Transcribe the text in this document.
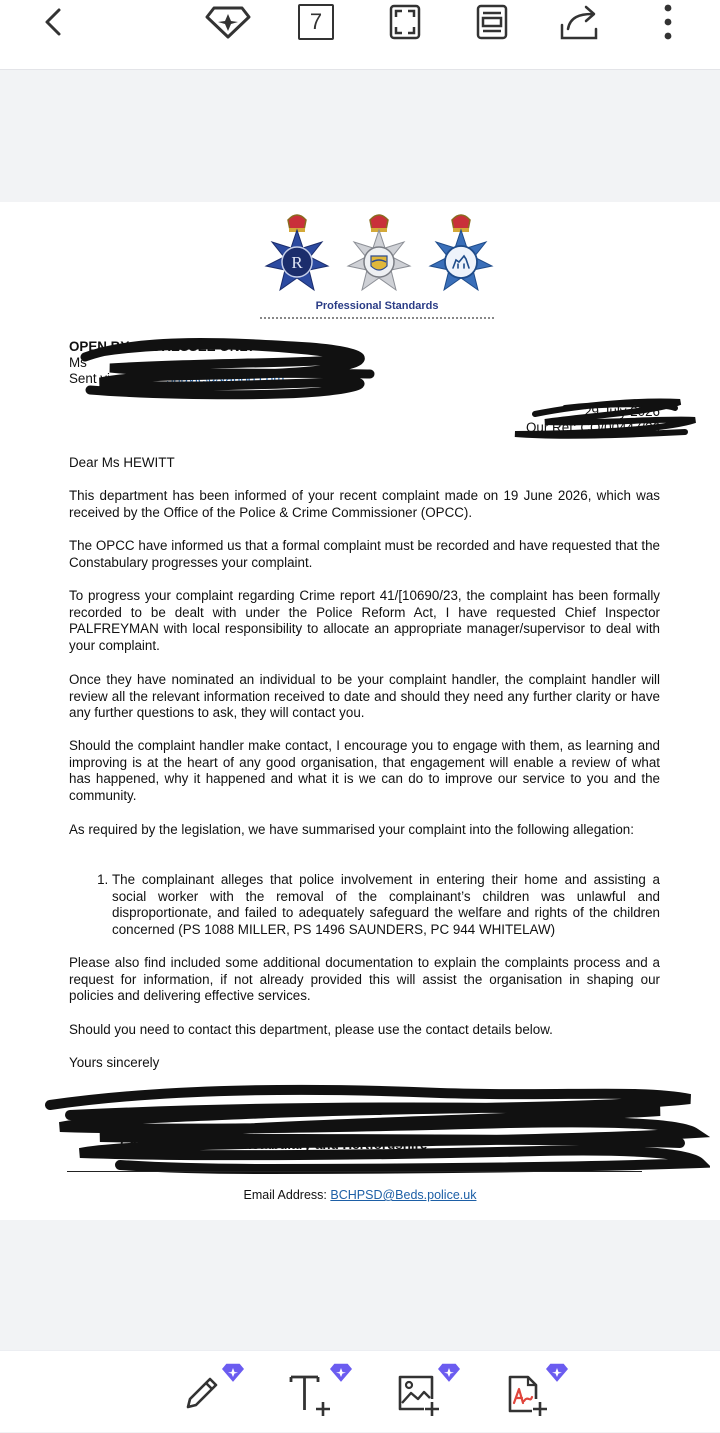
7
R
Professional Standards
OPEN BY ADDRESSEE ONLY
Ms
Sent via email: shayle@yahoo.com
29 July 2026
Our Ref: CO/00447/26
Dear Ms HEWITT
This department has been informed of your recent complaint made on 19 June 2026, which was received by the Office of the Police & Crime Commissioner (OPCC).
The OPCC have informed us that a formal complaint must be recorded and have requested that the Constabulary progresses your complaint.
To progress your complaint regarding Crime report 41/[10690/23, the complaint has been formally recorded to be dealt with under the Police Reform Act, I have requested Chief Inspector PALFREYMAN with local responsibility to allocate an appropriate manager/supervisor to deal with your complaint.
Once they have nominated an individual to be your complaint handler, the complaint handler will review all the relevant information received to date and should they need any further clarity or have any further questions to ask, they will contact you.
Should the complaint handler make contact, I encourage you to engage with them, as learning and improving is at the heart of any good organisation, that engagement will enable a review of what has happened, why it happened and what it is we can do to improve our service to you and the community.
As required by the legislation, we have summarised your complaint into the following allegation:
1. The complainant alleges that police involvement in entering their home and assisting a social worker with the removal of the complainant’s children was unlawful and disproportionate, and failed to adequately safeguard the welfare and rights of the children concerned (PS 1088 MILLER, PS 1496 SAUNDERS, PC 944 WHITELAW)
Please also find included some additional documentation to explain the complaints process and a request for information, if not already provided this will assist the organisation in shaping our policies and delivering effective services.
Should you need to contact this department, please use the contact details below.
Yours sincerely
Cambridgeshire Constabulary and Hertfordshire
Email Address: BCHPSD@Beds.police.uk
